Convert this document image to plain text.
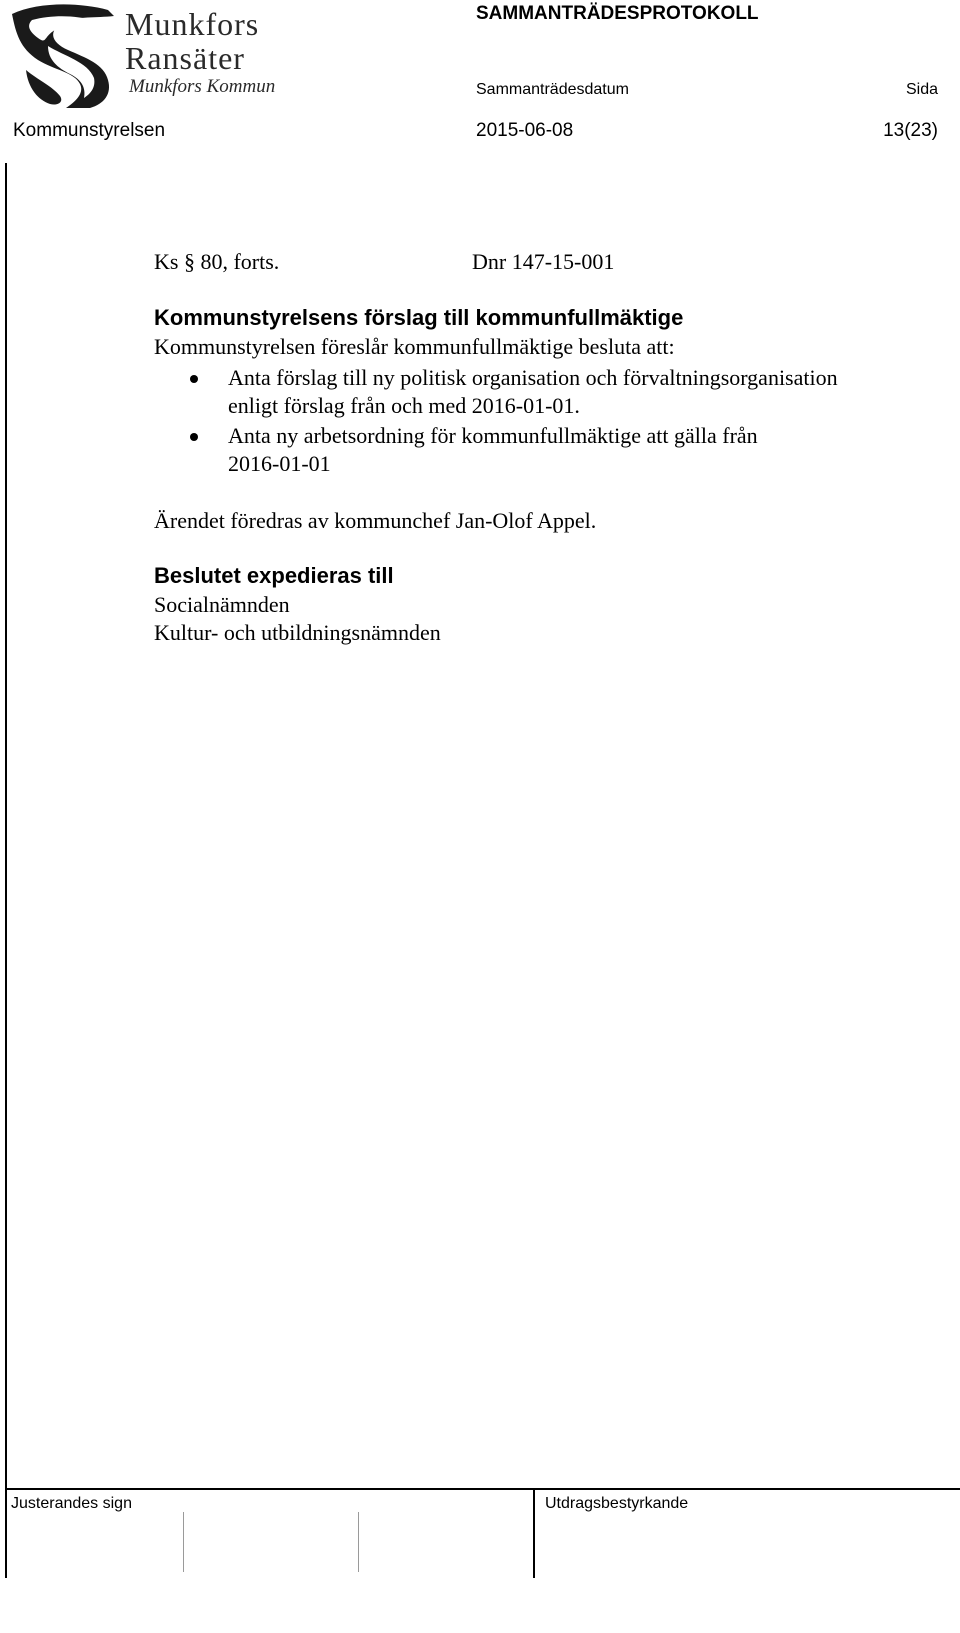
Munkfors
Ransäter
Munkfors Kommun
SAMMANTRÄDESPROTOKOLL
Sammanträdesdatum	Sida
Kommunstyrelsen	2015-06-08	13(23)
Ks § 80, forts.	Dnr 147-15-001
Kommunstyrelsens förslag till kommunfullmäktige
Kommunstyrelsen föreslår kommunfullmäktige besluta att:
Anta förslag till ny politisk organisation och förvaltningsorganisation
enligt förslag från och med 2016-01-01.
Anta ny arbetsordning för kommunfullmäktige att gälla från
2016-01-01
Ärendet föredras av kommunchef Jan-Olof Appel.
Beslutet expedieras till
Socialnämnden
Kultur- och utbildningsnämnden
Justerandes sign	Utdragsbestyrkande
